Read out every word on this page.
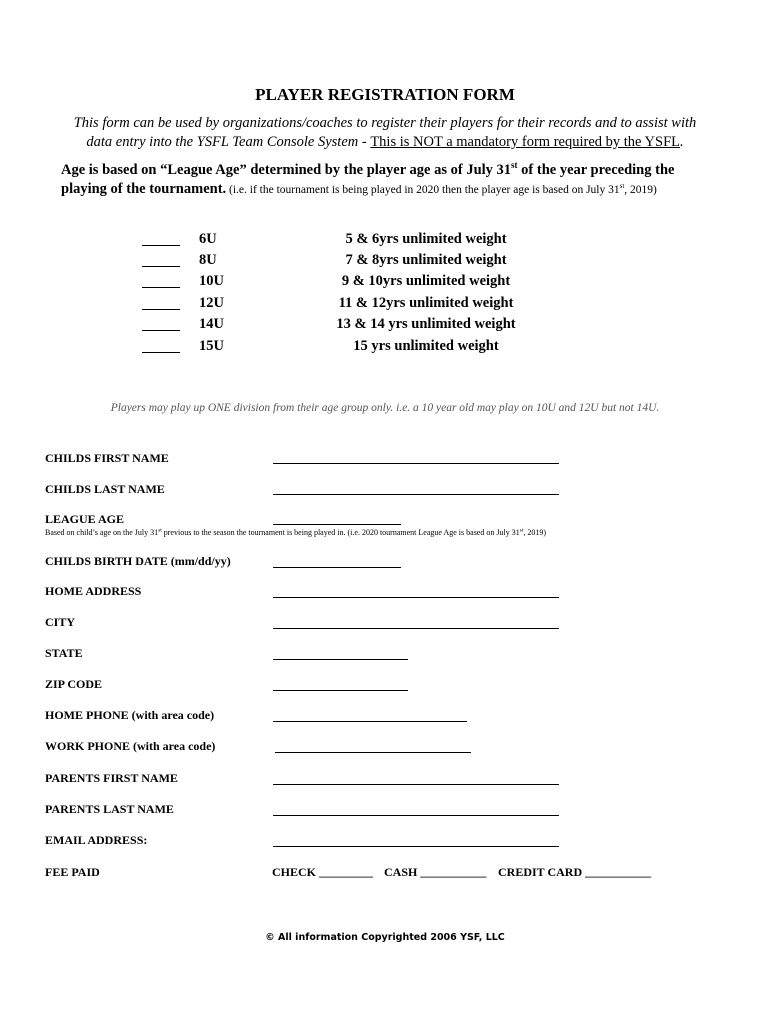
PLAYER REGISTRATION FORM
This form can be used by organizations/coaches to register their players for their records and to assist with
data entry into the YSFL Team Console System - This is NOT a mandatory form required by the YSFL.
Age is based on “League Age” determined by the player age as of July 31st of the year preceding the
playing of the tournament. (i.e. if the tournament is being played in 2020 then the player age is based on July 31st, 2019)
6U	5 & 6yrs unlimited weight
8U	7 & 8yrs unlimited weight
10U	9 & 10yrs unlimited weight
12U	11 & 12yrs unlimited weight
14U	13 & 14 yrs unlimited weight
15U	15 yrs unlimited weight
Players may play up ONE division from their age group only. i.e. a 10 year old may play on 10U and 12U but not 14U.
CHILDS FIRST NAME
CHILDS LAST NAME
LEAGUE AGE
Based on child’s age on the July 31st previous to the season the tournament is being played in. (i.e. 2020 tournament League Age is based on July 31st, 2019)
CHILDS BIRTH DATE (mm/dd/yy)
HOME ADDRESS
CITY
STATE
ZIP CODE
HOME PHONE (with area code)
WORK PHONE (with area code)
PARENTS FIRST NAME
PARENTS LAST NAME
EMAIL ADDRESS:
FEE PAID	CHECK _________ CASH ___________ CREDIT CARD ___________
© All information Copyrighted 2006 YSF, LLC
